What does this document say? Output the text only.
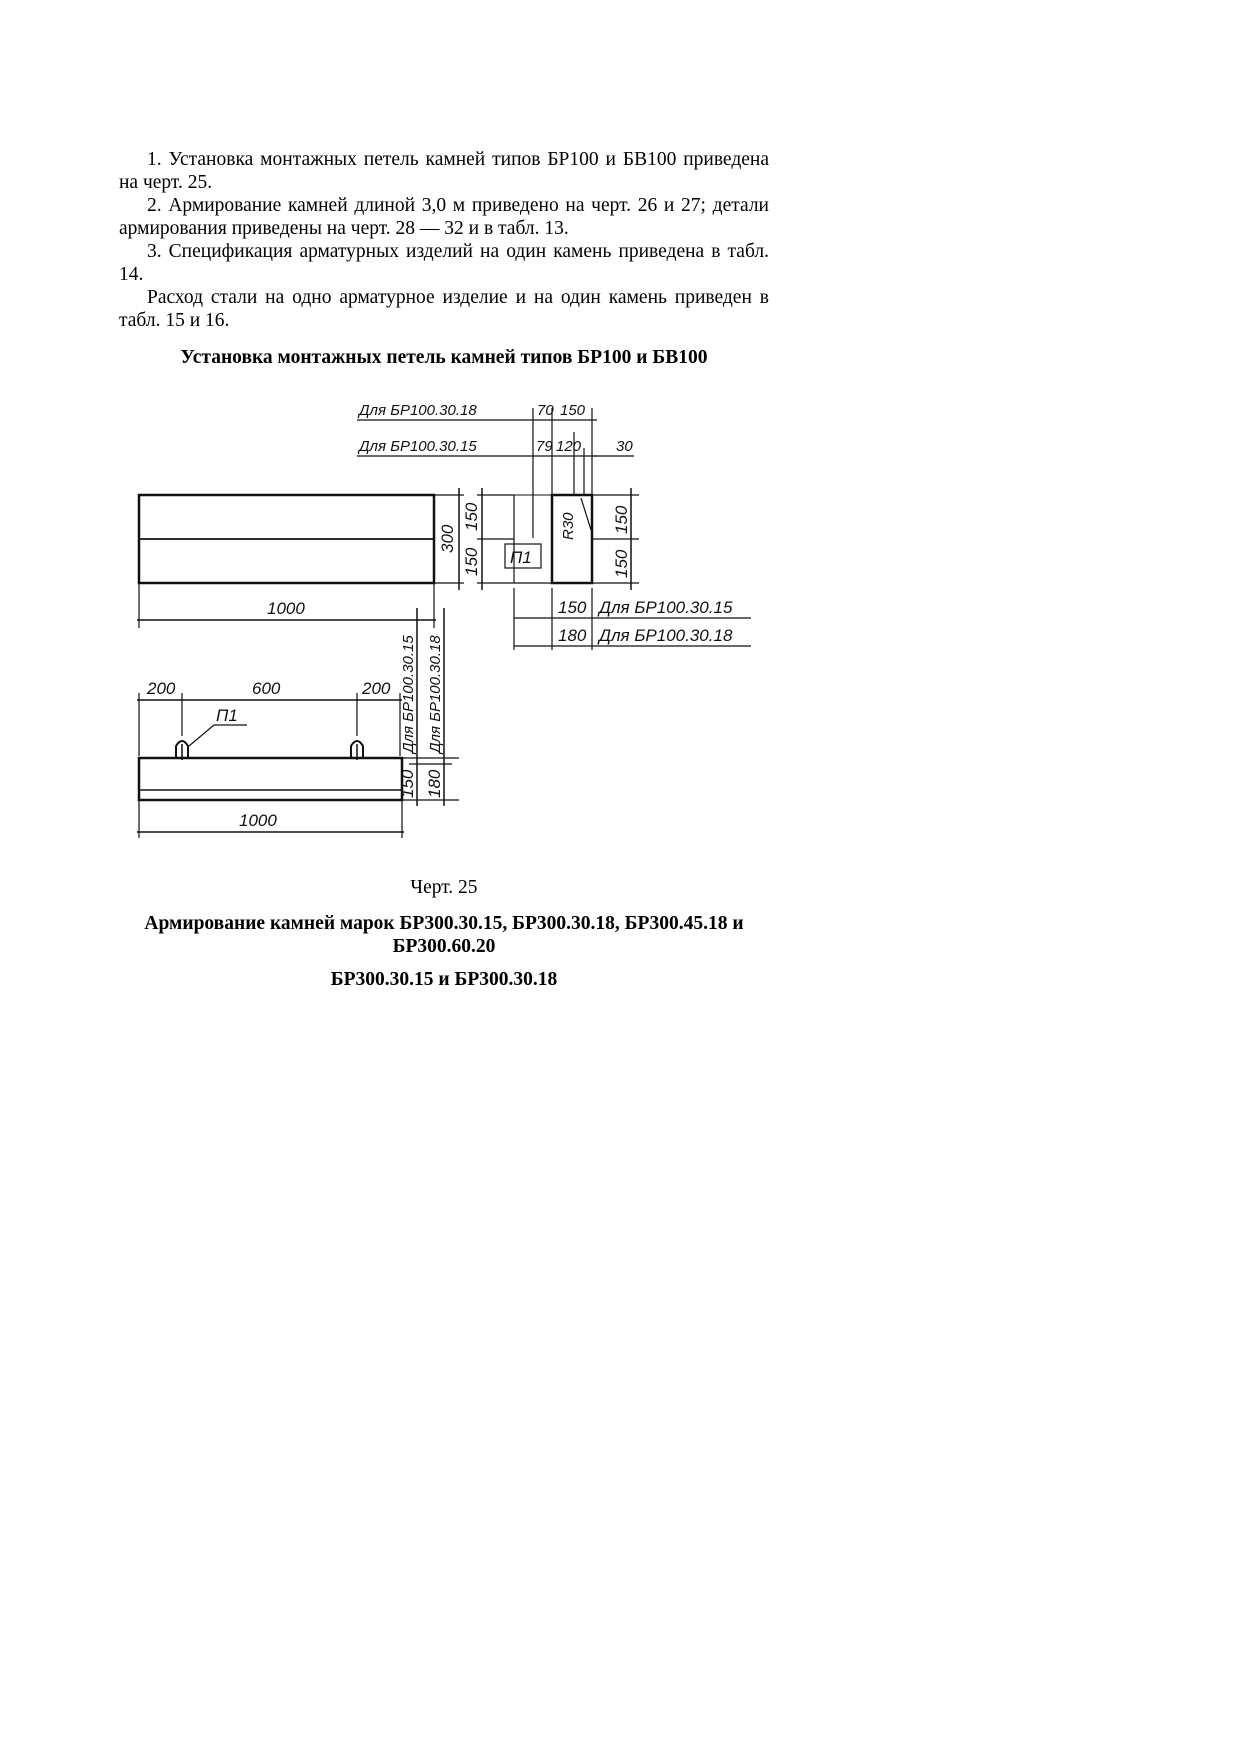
1. Установка монтажных петель камней типов БР100 и БВ100 приведена на черт. 25.

2. Армирование камней длиной 3,0 м приведено на черт. 26 и 27; детали армирования приведены на черт. 28 — 32 и в табл. 13.

3. Спецификация арматурных изделий на один камень приведена в табл. 14.

Расход стали на одно арматурное изделие и на один камень приведен в табл. 15 и 16.

Установка монтажных петель камней типов БР100 и БВ100

1000
300
150
150 П1
R30 150
150
150 Для БР100.30.15
180 Для БР100.30.18
Для БР100.30.18	70 150
Для БР100.30.15	79 120 30
200	600	200
П1
1000
Для БР100.30.15 Для БР100.30.18
150 180
Черт. 25

Армирование камней марок БР300.30.15, БР300.30.18, БР300.45.18 и БР300.60.20

БР300.30.15 и БР300.30.18
